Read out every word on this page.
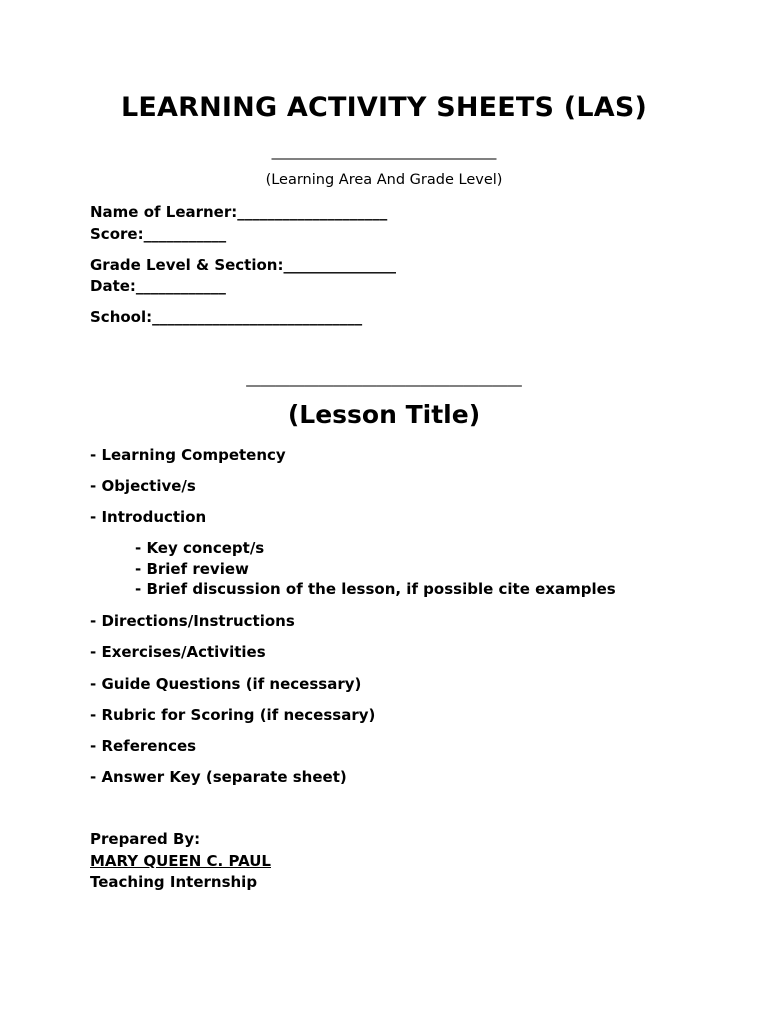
LEARNING ACTIVITY SHEETS (LAS)
_______________________________
(Learning Area And Grade Level)
Name of Learner:____________________
Score:___________
Grade Level & Section:_______________
Date:____________
School:____________________________
______________________________________
(Lesson Title)
- Learning Competency
- Objective/s
- Introduction
- Key concept/s
- Brief review
- Brief discussion of the lesson, if possible cite examples
- Directions/Instructions
- Exercises/Activities
- Guide Questions (if necessary)
- Rubric for Scoring (if necessary)
- References
- Answer Key (separate sheet)
Prepared By:
MARY QUEEN C. PAUL
Teaching Internship
